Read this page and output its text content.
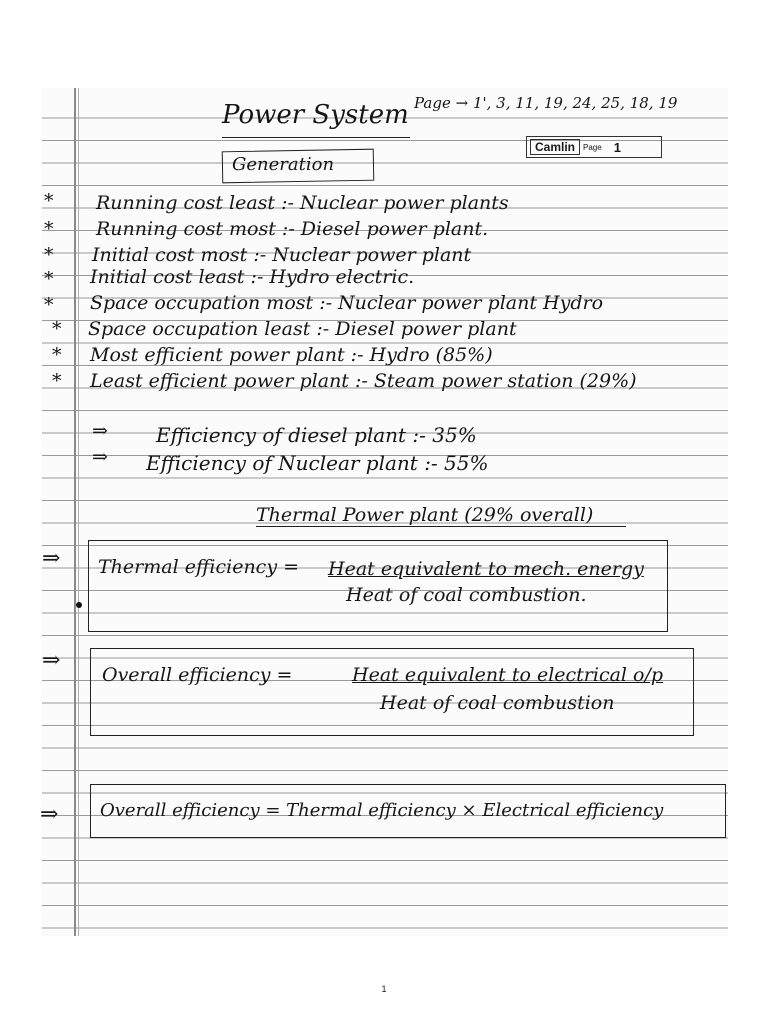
Power System Page → 1', 3, 11, 19, 24, 25, 18, 19
Generation
Camlin	Page 1
* Running cost least :- Nuclear power plants
* Running cost most :- Diesel power plant.
* Initial cost most :- Nuclear power plant
* Initial cost least :- Hydro electric.
* Space occupation most :- Nuclear power plant Hydro
* Space occupation least :- Diesel power plant
* Most efficient power plant :- Hydro (85%)
* Least efficient power plant :- Steam power station (29%)
⇒ Efficiency of diesel plant :- 35%
⇒ Efficiency of Nuclear plant :- 55%
Thermal Power plant (29% overall)
⇒ Thermal efficiency = Heat equivalent to mech. energy
Heat of coal combustion.
⇒
Overall efficiency =	Heat equivalent to electrical o/p
Heat of coal combustion
⇒ Overall efficiency = Thermal efficiency × Electrical efficiency
1
